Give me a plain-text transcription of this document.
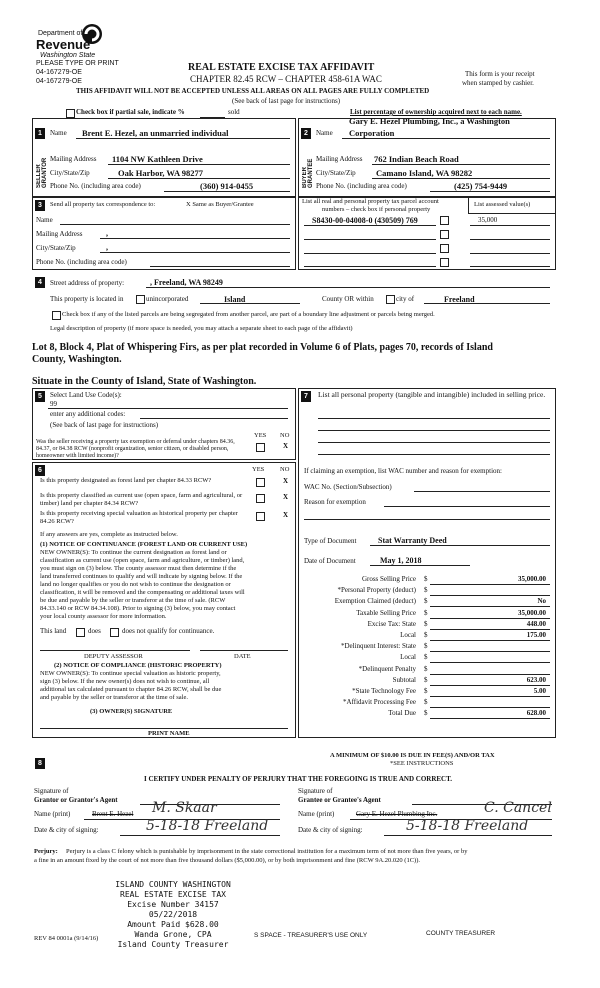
Department of
Revenue
Washington State
PLEASE TYPE OR PRINT
04-167279-OE
04-167279-OE
REAL ESTATE EXCISE TAX AFFIDAVIT
CHAPTER 82.45 RCW – CHAPTER 458-61A WAC	This form is your receipt
when stamped by cashier.
THIS AFFIDAVIT WILL NOT BE ACCEPTED UNLESS ALL AREAS ON ALL PAGES ARE FULLY COMPLETED
(See back of last page for instructions)
Check box if partial sale, indicate %	sold	List percentage of ownership acquired next to each name.
1	Name Brent E. Hezel, an unmarried individual
SELLER GRANTOR Mailing Address 1104 NW Kathleen Drive
City/State/Zip	Oak Harbor, WA 98277
Phone No. (including area code)	(360) 914-0455
2
Gary E. Hezel Plumbing, Inc., a Washington
Name Corporation
BUYER GRANTEE Mailing Address 762 Indian Beach Road
City/State/Zip Camano Island, WA 98282
Phone No. (including area code)	(425) 754-9449
3	Send all property tax correspondence to:	X Same as Buyer/Grantee
Name
Mailing Address	,
City/State/Zip	,
Phone No. (including area code)
List all real and personal property tax parcel account
numbers – check box if personal property
List assessed value(s)
S8430-00-04008-0 (430509) 769	35,000
4	Street address of property:	, Freeland, WA 98249
This property is located in	unincorporated	Island	County OR within	city of	Freeland
Check box if any of the listed parcels are being segregated from another parcel, are part of a boundary line adjustment or parcels being merged.
Legal description of property (if more space is needed, you may attach a separate sheet to each page of the affidavit)
Lot 8, Block 4, Plat of Whispering Firs, as per plat recorded in Volume 6 of Plats, pages 70, records of Island
County, Washington.
Situate in the County of Island, State of Washington.
5	Select Land Use Code(s):
99
enter any additional codes:
(See back of last page for instructions)
YES NO
Was the seller receiving a property tax exemption or deferral under chapters 84.36, 84.37, or 84.38 RCW (nonprofit organization, senior citizen, or disabled person, homeowner with limited income)?
X
6	YES NO
Is this property designated as forest land per chapter 84.33 RCW?	X
Is this property classified as current use (open space, farm and agricultural, or timber) land per chapter 84.34 RCW?
X
Is this property receiving special valuation as historical property per chapter 84.26 RCW?
X
If any answers are yes, complete as instructed below.
(1) NOTICE OF CONTINUANCE (FOREST LAND OR CURRENT USE)
NEW OWNER(S): To continue the current designation as forest land or
classification as current use (open space, farm and agriculture, or timber) land,
you must sign on (3) below. The county assessor must then determine if the
land transferred continues to qualify and will indicate by signing below. If the
land no longer qualifies or you do not wish to continue the designation or
classification, it will be removed and the compensating or additional taxes will
be due and payable by the seller or transferor at the time of sale. (RCW
84.33.140 or RCW 84.34.108). Prior to signing (3) below, you may contact
your local county assessor for more information.
This land	does	does not qualify for continuance.
DEPUTY ASSESSOR	DATE
(2) NOTICE OF COMPLIANCE (HISTORIC PROPERTY)
NEW OWNER(S): To continue special valuation as historic property,
sign (3) below. If the new owner(s) does not wish to continue, all
additional tax calculated pursuant to chapter 84.26 RCW, shall be due
and payable by the seller or transferor at the time of sale.
(3) OWNER(S) SIGNATURE
PRINT NAME
7	List all personal property (tangible and intangible) included in selling price.
If claiming an exemption, list WAC number and reason for exemption:
WAC No. (Section/Subsection)
Reason for exemption
Type of Document	Stat Warranty Deed
Date of Document	May 1, 2018
Gross Selling Price $	35,000.00
*Personal Property (deduct) $
Exemption Claimed (deduct) $	No
Taxable Selling Price $	35,000.00
Excise Tax: State $	448.00
Local $	175.00
*Delinquent Interest: State $
Local $
*Delinquent Penalty $
Subtotal $	623.00
*State Technology Fee $	5.00
*Affidavit Processing Fee $
Total Due $	628.00
A MINIMUM OF $10.00 IS DUE IN FEE(S) AND/OR TAX
*SEE INSTRUCTIONS
8
I CERTIFY UNDER PENALTY OF PERJURY THAT THE FOREGOING IS TRUE AND CORRECT.
Signature of
Grantor or Grantor's Agent
Signature of
Grantee or Grantee's Agent
Name (print)	Brent E. Hezel M. Skaar	Name (print)	Gary E. Hezel Plumbing Inc.	C. Cancel
Date & city of signing:	5-18-18 Freeland	Date & city of signing:	5-18-18 Freeland
Perjury: Perjury is a class C felony which is punishable by imprisonment in the state correctional institution for a maximum term of not more than five years, or by
a fine in an amount fixed by the court of not more than five thousand dollars ($5,000.00), or by both imprisonment and fine (RCW 9A.20.020 (1C)).
ISLAND COUNTY WASHINGTON
REAL ESTATE EXCISE TAX
Excise Number 34157
05/22/2018
Amount Paid $628.00
Wanda Grone, CPA
Island County Treasurer
REV 84 0001a (9/14/16)	S SPACE - TREASURER'S USE ONLY	COUNTY TREASURER
